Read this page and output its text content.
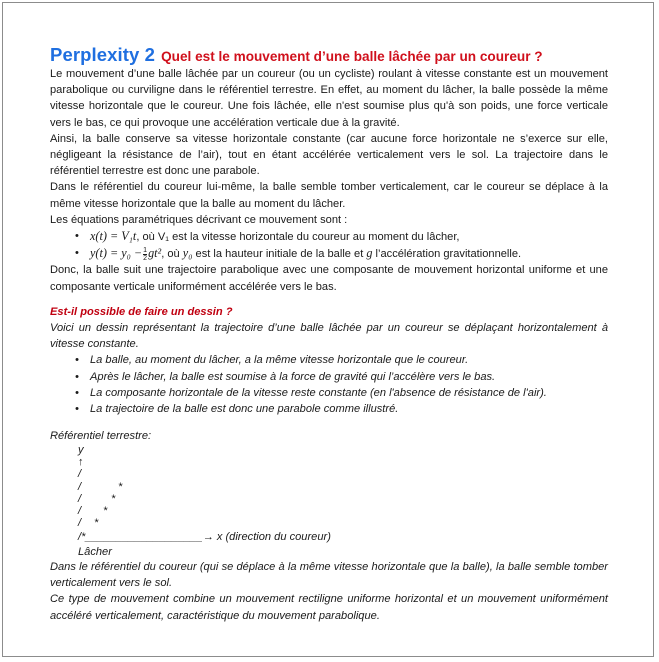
Perplexity 2 Quel est le mouvement d’une balle lâchée par un coureur ?

Le mouvement d’une balle lâchée par un coureur (ou un cycliste) roulant à vitesse constante est un mouvement parabolique ou curviligne dans le référentiel terrestre. En effet, au moment du lâcher, la balle possède la même vitesse horizontale que le coureur. Une fois lâchée, elle n'est soumise plus qu'à son poids, une force verticale vers le bas, ce qui provoque une accélération verticale due à la gravité.

Ainsi, la balle conserve sa vitesse horizontale constante (car aucune force horizontale ne s’exerce sur elle, négligeant la résistance de l’air), tout en étant accélérée verticalement vers le sol. La trajectoire dans le référentiel terrestre est donc une parabole.

Dans le référentiel du coureur lui-même, la balle semble tomber verticalement, car le coureur se déplace à la même vitesse horizontale que la balle au moment du lâcher.

Les équations paramétriques décrivant ce mouvement sont :

• x(t) = V₁t, où V₁ est la vitesse horizontale du coureur au moment du lâcher,
• $y(t) = y_0 - \frac{1}{2} gt^2$, où y₀ est la hauteur initiale de la balle et g l’accélération gravitationnelle.

Donc, la balle suit une trajectoire parabolique avec une composante de mouvement horizontal uniforme et une composante verticale uniformément accélérée vers le bas.

Est-il possible de faire un dessin ?

Voici un dessin représentant la trajectoire d’une balle lâchée par un coureur se déplaçant horizontalement à vitesse constante.

• La balle, au moment du lâcher, a la même vitesse horizontale que le coureur.
• Après le lâcher, la balle est soumise à la force de gravité qui l’accélère vers le bas.
• La composante horizontale de la vitesse reste constante (en l'absence de résistance de l'air).
• La trajectoire de la balle est donc une parabole comme illustré.
Référentiel terrestre:
y
↑
/
/	*
/	*
/ *
/ *
/*___________________→ x (direction du coureur)
Lâcher

Dans le référentiel du coureur (qui se déplace à la même vitesse horizontale que la balle), la balle semble tomber verticalement vers le sol.

Ce type de mouvement combine un mouvement rectiligne uniforme horizontal et un mouvement uniformément accéléré verticalement, caractéristique du mouvement parabolique.
